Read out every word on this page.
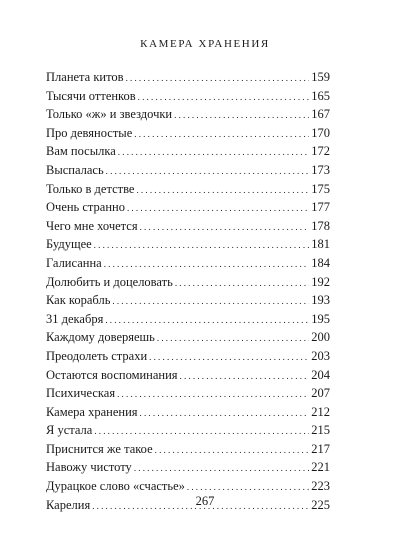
КАМЕРА ХРАНЕНИЯ
Планета китов .....	159
Тысячи оттенков .....	165
Только «ж» и звездочки .....	167
Про девяностые .....	170
Вам посылка .....	172
Выспалась .....	173
Только в детстве .....	175
Очень странно .....	177
Чего мне хочется .....	178
Будущее .....	181
Галисанна .....	184
Долюбить и доцеловать .....	192
Как корабль .....	193
31 декабря .....	195
Каждому доверяешь .....	200
Преодолеть страхи .....	203
Остаются воспоминания .....	204
Психическая .....	207
Камера хранения .....	212
Я устала .....	215
Приснится же такое .....	217
Навожу чистоту .....	221
Дурацкое слово «счастье» .....	223
Карелия .....	225
267
